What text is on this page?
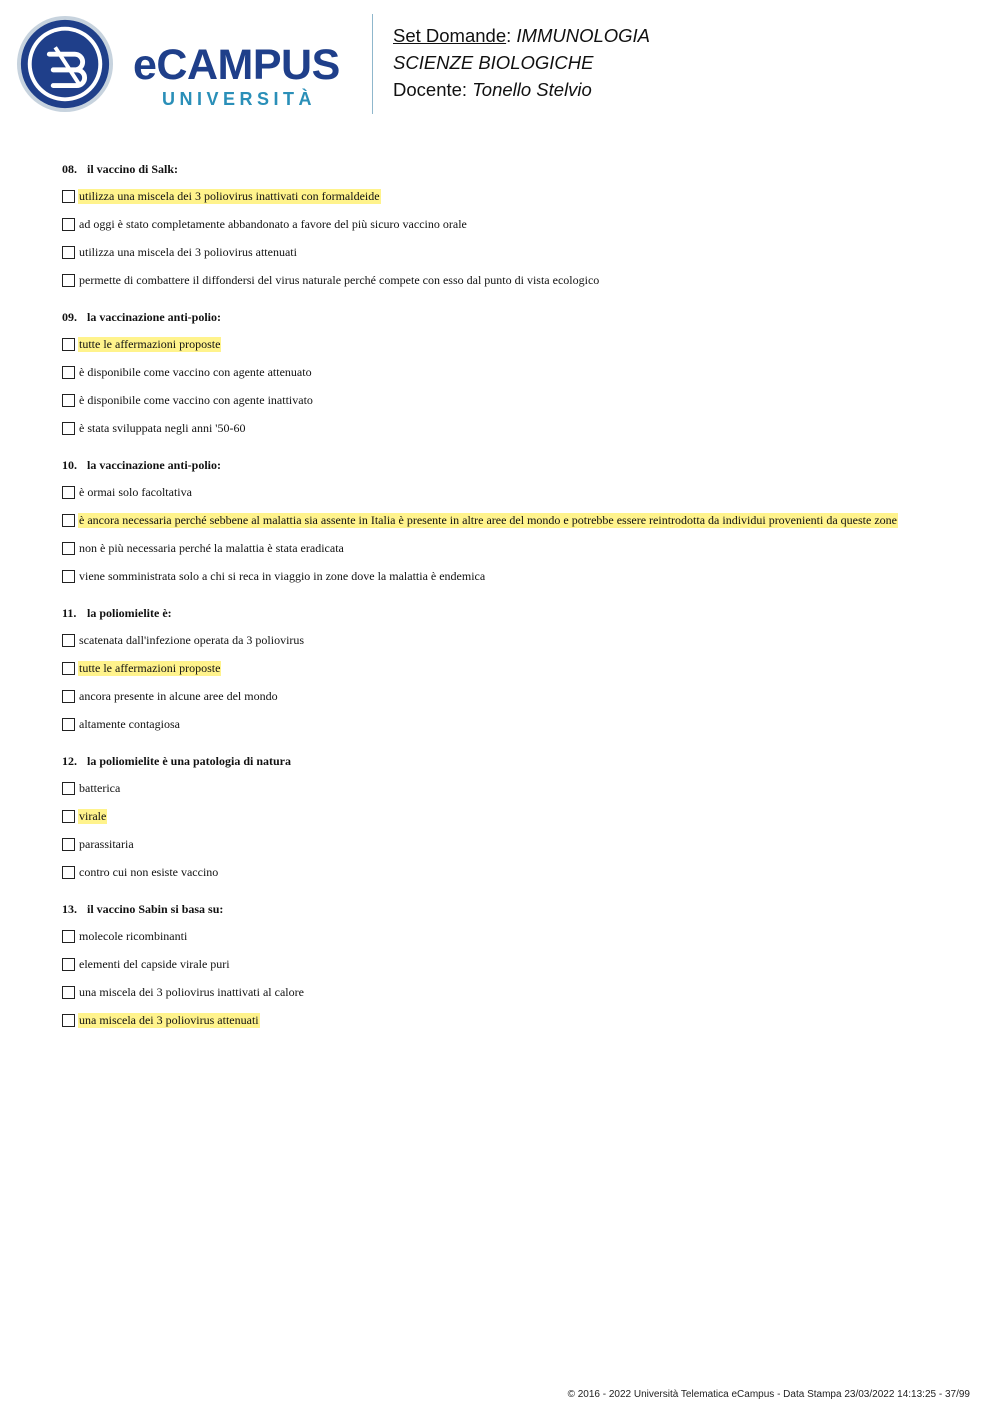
eCAMPUS
UNIVERSITÀ
Set Domande: IMMUNOLOGIA
SCIENZE BIOLOGICHE
Docente: Tonello Stelvio
08. il vaccino di Salk:
utilizza una miscela dei 3 poliovirus inattivati con formaldeide
ad oggi è stato completamente abbandonato a favore del più sicuro vaccino orale
utilizza una miscela dei 3 poliovirus attenuati
permette di combattere il diffondersi del virus naturale perché compete con esso dal punto di vista ecologico
09. la vaccinazione anti-polio:
tutte le affermazioni proposte
è disponibile come vaccino con agente attenuato
è disponibile come vaccino con agente inattivato
è stata sviluppata negli anni '50-60
10. la vaccinazione anti-polio:
è ormai solo facoltativa
è ancora necessaria perché sebbene al malattia sia assente in Italia è presente in altre aree del mondo e potrebbe essere reintrodotta da individui provenienti da queste zone
non è più necessaria perché la malattia è stata eradicata
viene somministrata solo a chi si reca in viaggio in zone dove la malattia è endemica
11. la poliomielite è:
scatenata dall'infezione operata da 3 poliovirus
tutte le affermazioni proposte
ancora presente in alcune aree del mondo
altamente contagiosa
12. la poliomielite è una patologia di natura
batterica
virale
parassitaria
contro cui non esiste vaccino
13. il vaccino Sabin si basa su:
molecole ricombinanti
elementi del capside virale puri
una miscela dei 3 poliovirus inattivati al calore
una miscela dei 3 poliovirus attenuati
© 2016 - 2022 Università Telematica eCampus - Data Stampa 23/03/2022 14:13:25 - 37/99
